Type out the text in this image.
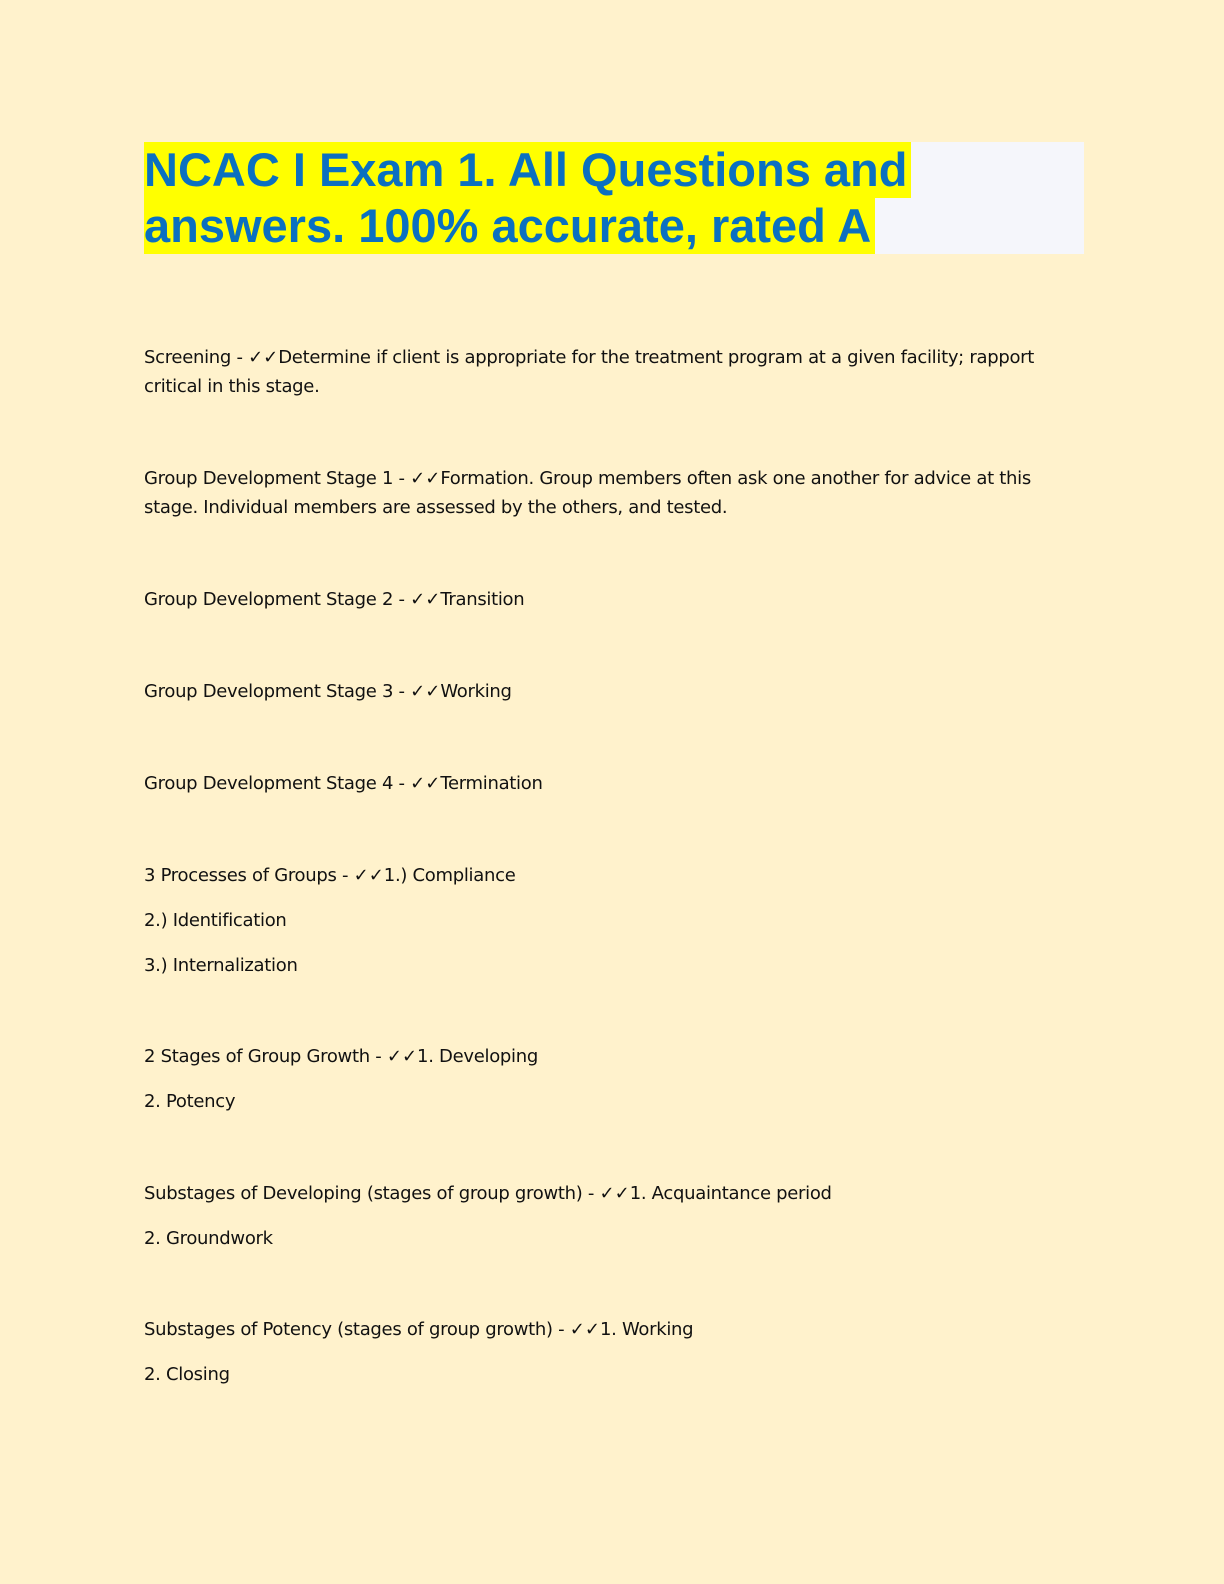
NCAC I Exam 1. All Questions and
answers. 100% accurate, rated A
Screening - ✓✓Determine if client is appropriate for the treatment program at a given facility; rapport
critical in this stage.
Group Development Stage 1 - ✓✓Formation. Group members often ask one another for advice at this
stage. Individual members are assessed by the others, and tested.
Group Development Stage 2 - ✓✓Transition
Group Development Stage 3 - ✓✓Working
Group Development Stage 4 - ✓✓Termination
3 Processes of Groups - ✓✓1.) Compliance
2.) Identification
3.) Internalization
2 Stages of Group Growth - ✓✓1. Developing
2. Potency
Substages of Developing (stages of group growth) - ✓✓1. Acquaintance period
2. Groundwork
Substages of Potency (stages of group growth) - ✓✓1. Working
2. Closing
